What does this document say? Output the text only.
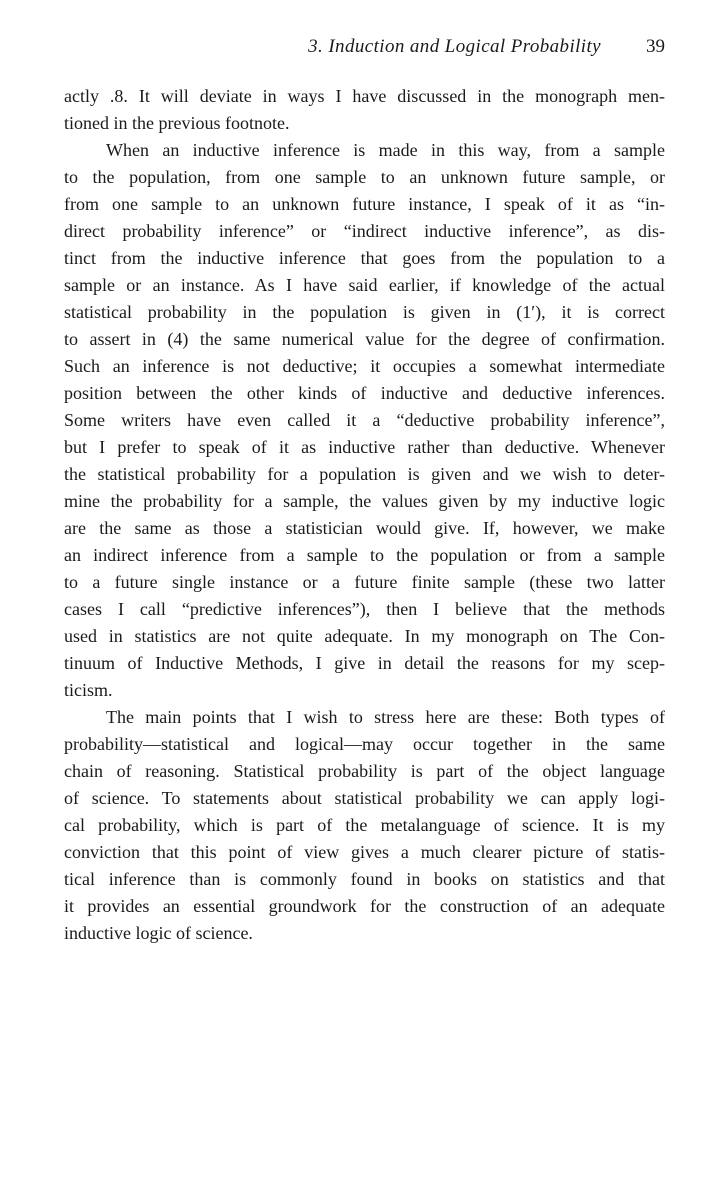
3. Induction and Logical Probability 39
actly .8. It will deviate in ways I have discussed in the monograph men-
tioned in the previous footnote.
When an inductive inference is made in this way, from a sample
to the population, from one sample to an unknown future sample, or
from one sample to an unknown future instance, I speak of it as “in-
direct probability inference” or “indirect inductive inference”, as dis-
tinct from the inductive inference that goes from the population to a
sample or an instance. As I have said earlier, if knowledge of the actual
statistical probability in the population is given in (1′), it is correct
to assert in (4) the same numerical value for the degree of confirmation.
Such an inference is not deductive; it occupies a somewhat intermediate
position between the other kinds of inductive and deductive inferences.
Some writers have even called it a “deductive probability inference”,
but I prefer to speak of it as inductive rather than deductive. Whenever
the statistical probability for a population is given and we wish to deter-
mine the probability for a sample, the values given by my inductive logic
are the same as those a statistician would give. If, however, we make
an indirect inference from a sample to the population or from a sample
to a future single instance or a future finite sample (these two latter
cases I call “predictive inferences”), then I believe that the methods
used in statistics are not quite adequate. In my monograph on The Con-
tinuum of Inductive Methods, I give in detail the reasons for my scep-
ticism.
The main points that I wish to stress here are these: Both types of
probability—statistical and logical—may occur together in the same
chain of reasoning. Statistical probability is part of the object language
of science. To statements about statistical probability we can apply logi-
cal probability, which is part of the metalanguage of science. It is my
conviction that this point of view gives a much clearer picture of statis-
tical inference than is commonly found in books on statistics and that
it provides an essential groundwork for the construction of an adequate
inductive logic of science.
